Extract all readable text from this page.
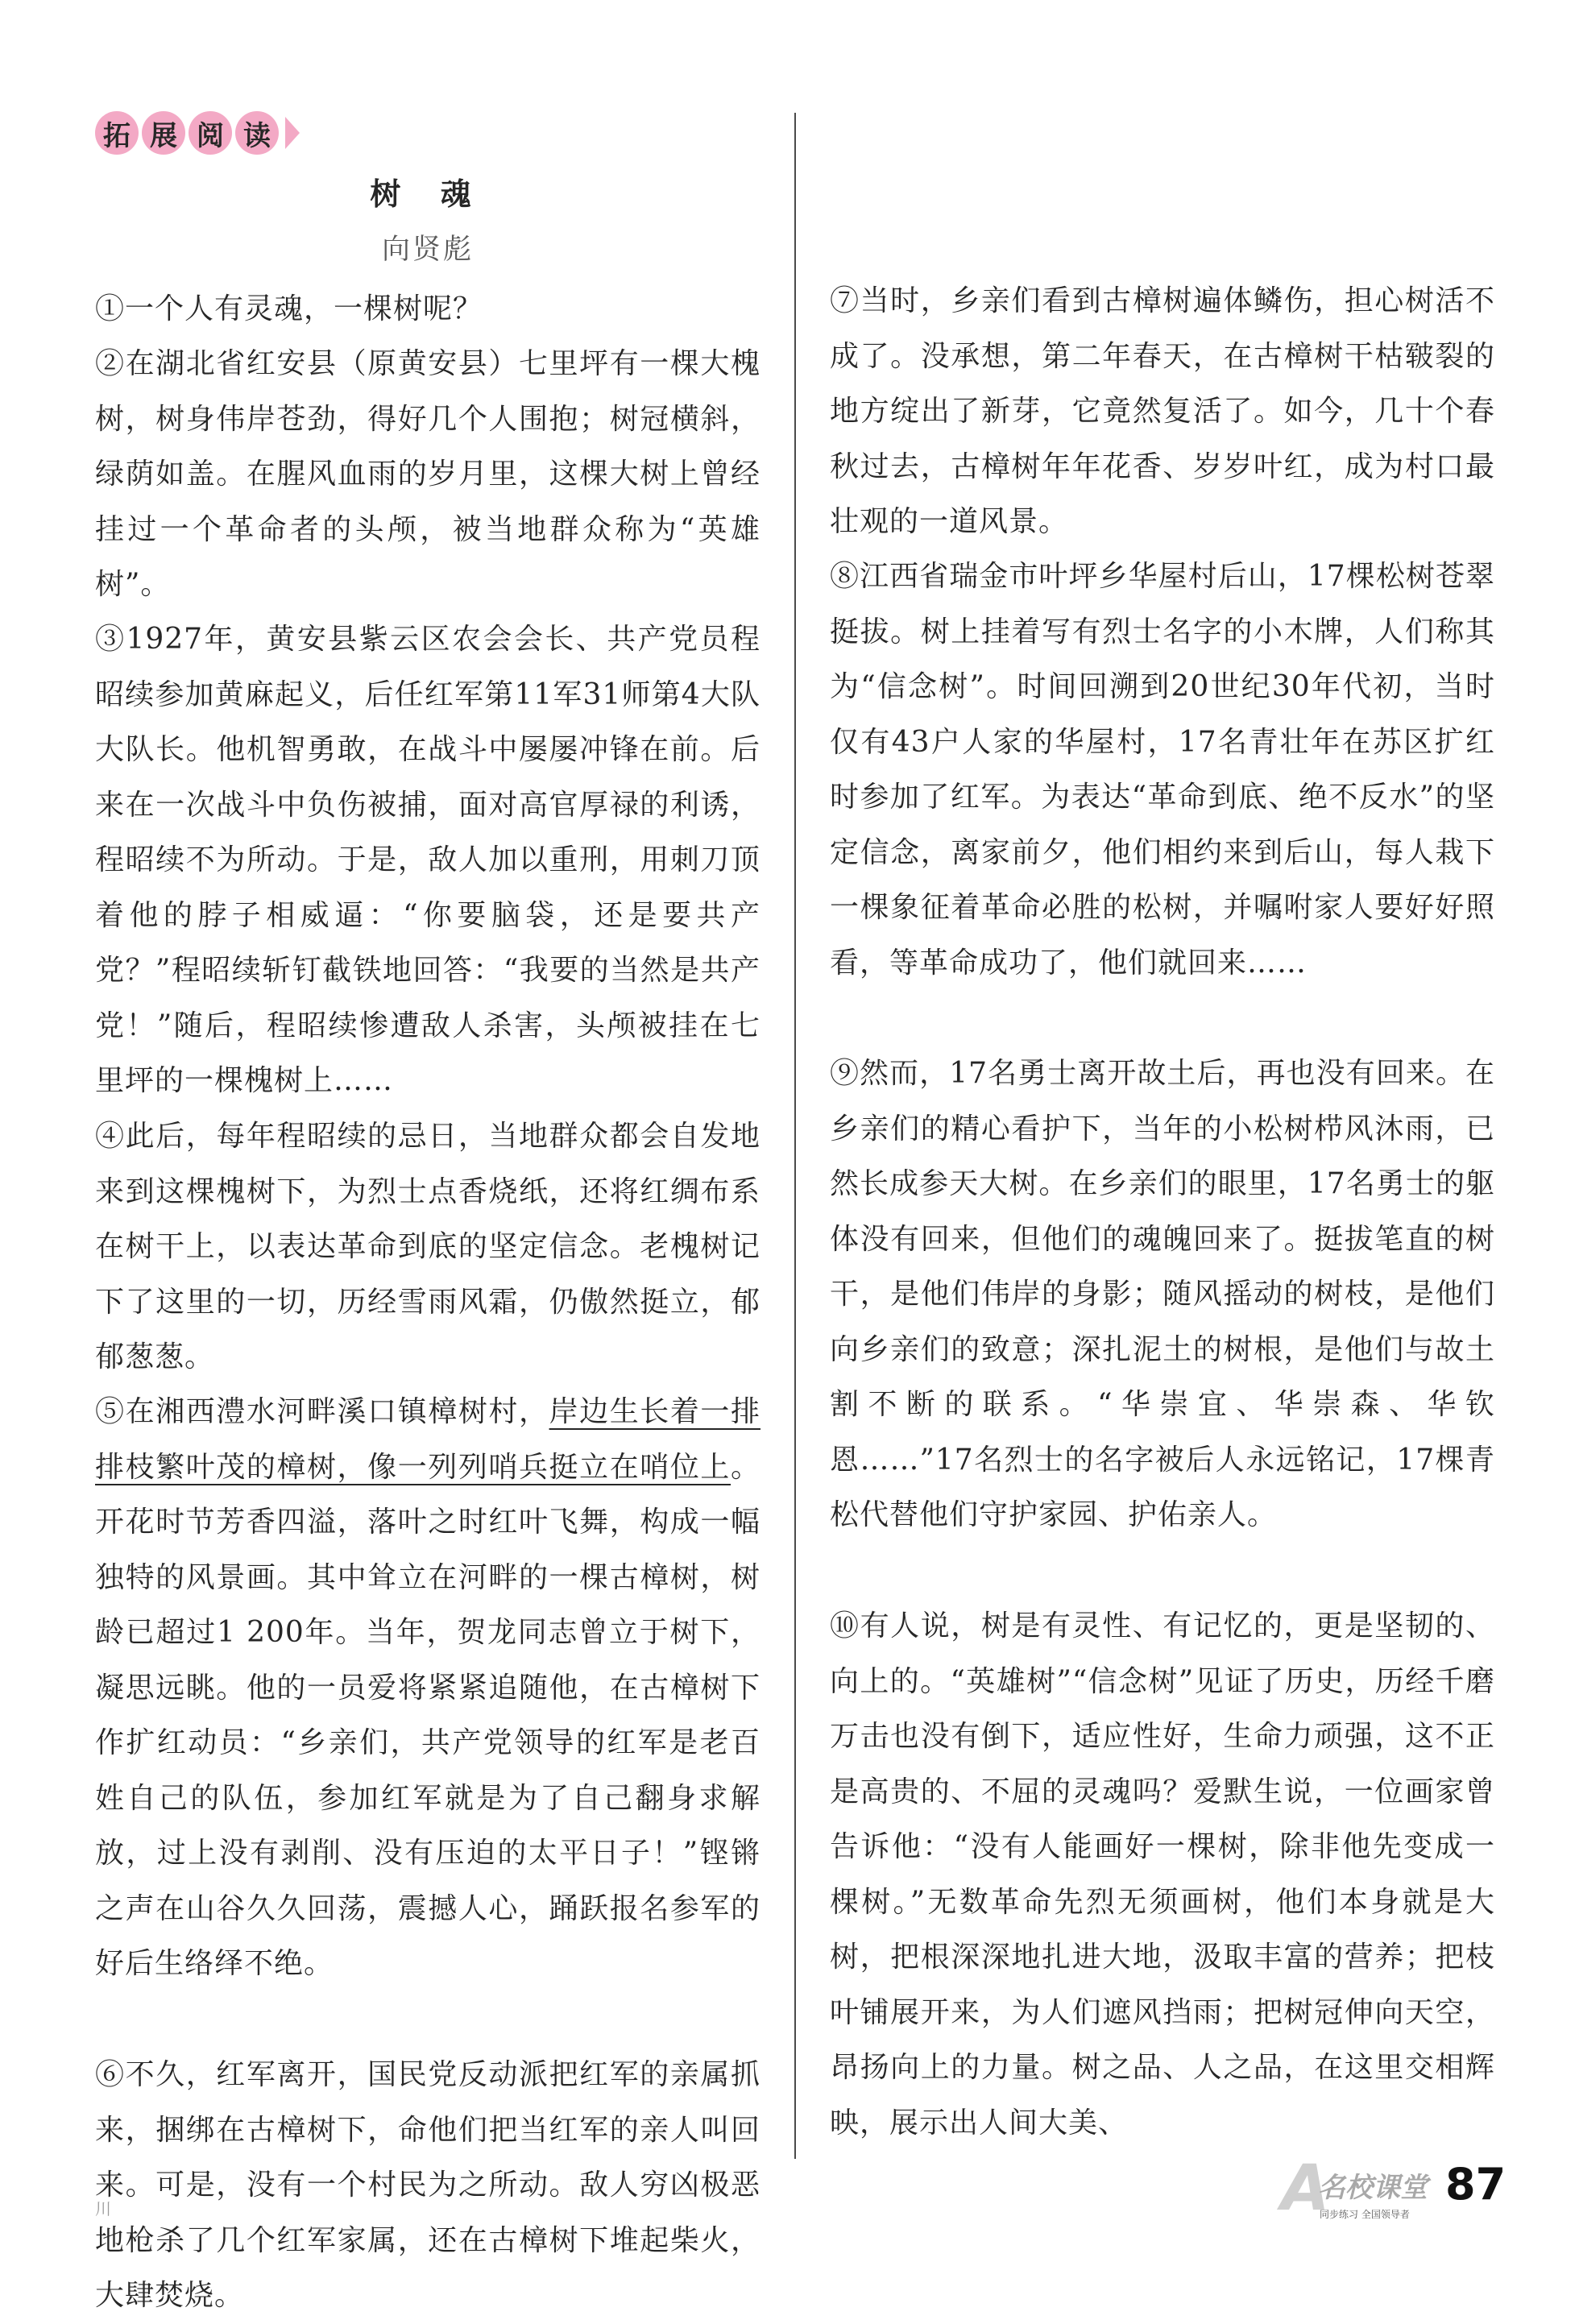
拓 展 阅 读
树 魂
向贤彪

①一个人有灵魂，一棵树呢？

②在湖北省红安县（原黄安县）七里坪有一棵大槐树，树身伟岸苍劲，得好几个人围抱；树冠横斜，绿荫如盖。在腥风血雨的岁月里，这棵大树上曾经挂过一个革命者的头颅，被当地群众称为“英雄树”。

③1927年，黄安县紫云区农会会长、共产党员程昭续参加黄麻起义，后任红军第11军31师第4大队大队长。他机智勇敢，在战斗中屡屡冲锋在前。后来在一次战斗中负伤被捕，面对高官厚禄的利诱，程昭续不为所动。于是，敌人加以重刑，用刺刀顶着他的脖子相威逼：“你要脑袋，还是要共产党？”程昭续斩钉截铁地回答：“我要的当然是共产党！”随后，程昭续惨遭敌人杀害，头颅被挂在七里坪的一棵槐树上……

④此后，每年程昭续的忌日，当地群众都会自发地来到这棵槐树下，为烈士点香烧纸，还将红绸布系在树干上，以表达革命到底的坚定信念。老槐树记下了这里的一切，历经雪雨风霜，仍傲然挺立，郁郁葱葱。

⑤在湘西澧水河畔溪口镇樟树村，岸边生长着一排排枝繁叶茂的樟树，像一列列哨兵挺立在哨位上。开花时节芳香四溢，落叶之时红叶飞舞，构成一幅独特的风景画。其中耸立在河畔的一棵古樟树，树龄已超过1 200年。当年，贺龙同志曾立于树下，凝思远眺。他的一员爱将紧紧追随他，在古樟树下作扩红动员：“乡亲们，共产党领导的红军是老百姓自己的队伍，参加红军就是为了自己翻身求解放，过上没有剥削、没有压迫的太平日子！”铿锵之声在山谷久久回荡，震撼人心，踊跃报名参军的好后生络绎不绝。

⑥不久，红军离开，国民党反动派把红军的亲属抓来，捆绑在古樟树下，命他们把当红军的亲人叫回来。可是，没有一个村民为之所动。敌人穷凶极恶地枪杀了几个红军家属，还在古樟树下堆起柴火，大肆焚烧。

⑦当时，乡亲们看到古樟树遍体鳞伤，担心树活不成了。没承想，第二年春天，在古樟树干枯皲裂的地方绽出了新芽，它竟然复活了。如今，几十个春秋过去，古樟树年年花香、岁岁叶红，成为村口最壮观的一道风景。

⑧江西省瑞金市叶坪乡华屋村后山，17棵松树苍翠挺拔。树上挂着写有烈士名字的小木牌，人们称其为“信念树”。时间回溯到20世纪30年代初，当时仅有43户人家的华屋村，17名青壮年在苏区扩红时参加了红军。为表达“革命到底、绝不反水”的坚定信念，离家前夕，他们相约来到后山，每人栽下一棵象征着革命必胜的松树，并嘱咐家人要好好照看，等革命成功了，他们就回来……

⑨然而，17名勇士离开故土后，再也没有回来。在乡亲们的精心看护下，当年的小松树栉风沐雨，已然长成参天大树。在乡亲们的眼里，17名勇士的躯体没有回来，但他们的魂魄回来了。挺拔笔直的树干，是他们伟岸的身影；随风摇动的树枝，是他们向乡亲们的致意；深扎泥土的树根，是他们与故土割不断的联系。“华崇宜、华崇森、华钦恩……”17名烈士的名字被后人永远铭记，17棵青松代替他们守护家园、护佑亲人。

⑩有人说，树是有灵性、有记忆的，更是坚韧的、向上的。“英雄树”“信念树”见证了历史，历经千磨万击也没有倒下，适应性好，生命力顽强，这不正是高贵的、不屈的灵魂吗？爱默生说，一位画家曾告诉他：“没有人能画好一棵树，除非他先变成一棵树。”无数革命先烈无须画树，他们本身就是大树，把根深深地扎进大地，汲取丰富的营养；把枝叶铺展开来，为人们遮风挡雨；把树冠伸向天空，昂扬向上的力量。树之品、人之品，在这里交相辉映，展示出人间大美、

川	A
名校课堂
同步练习 全国领导者
87
